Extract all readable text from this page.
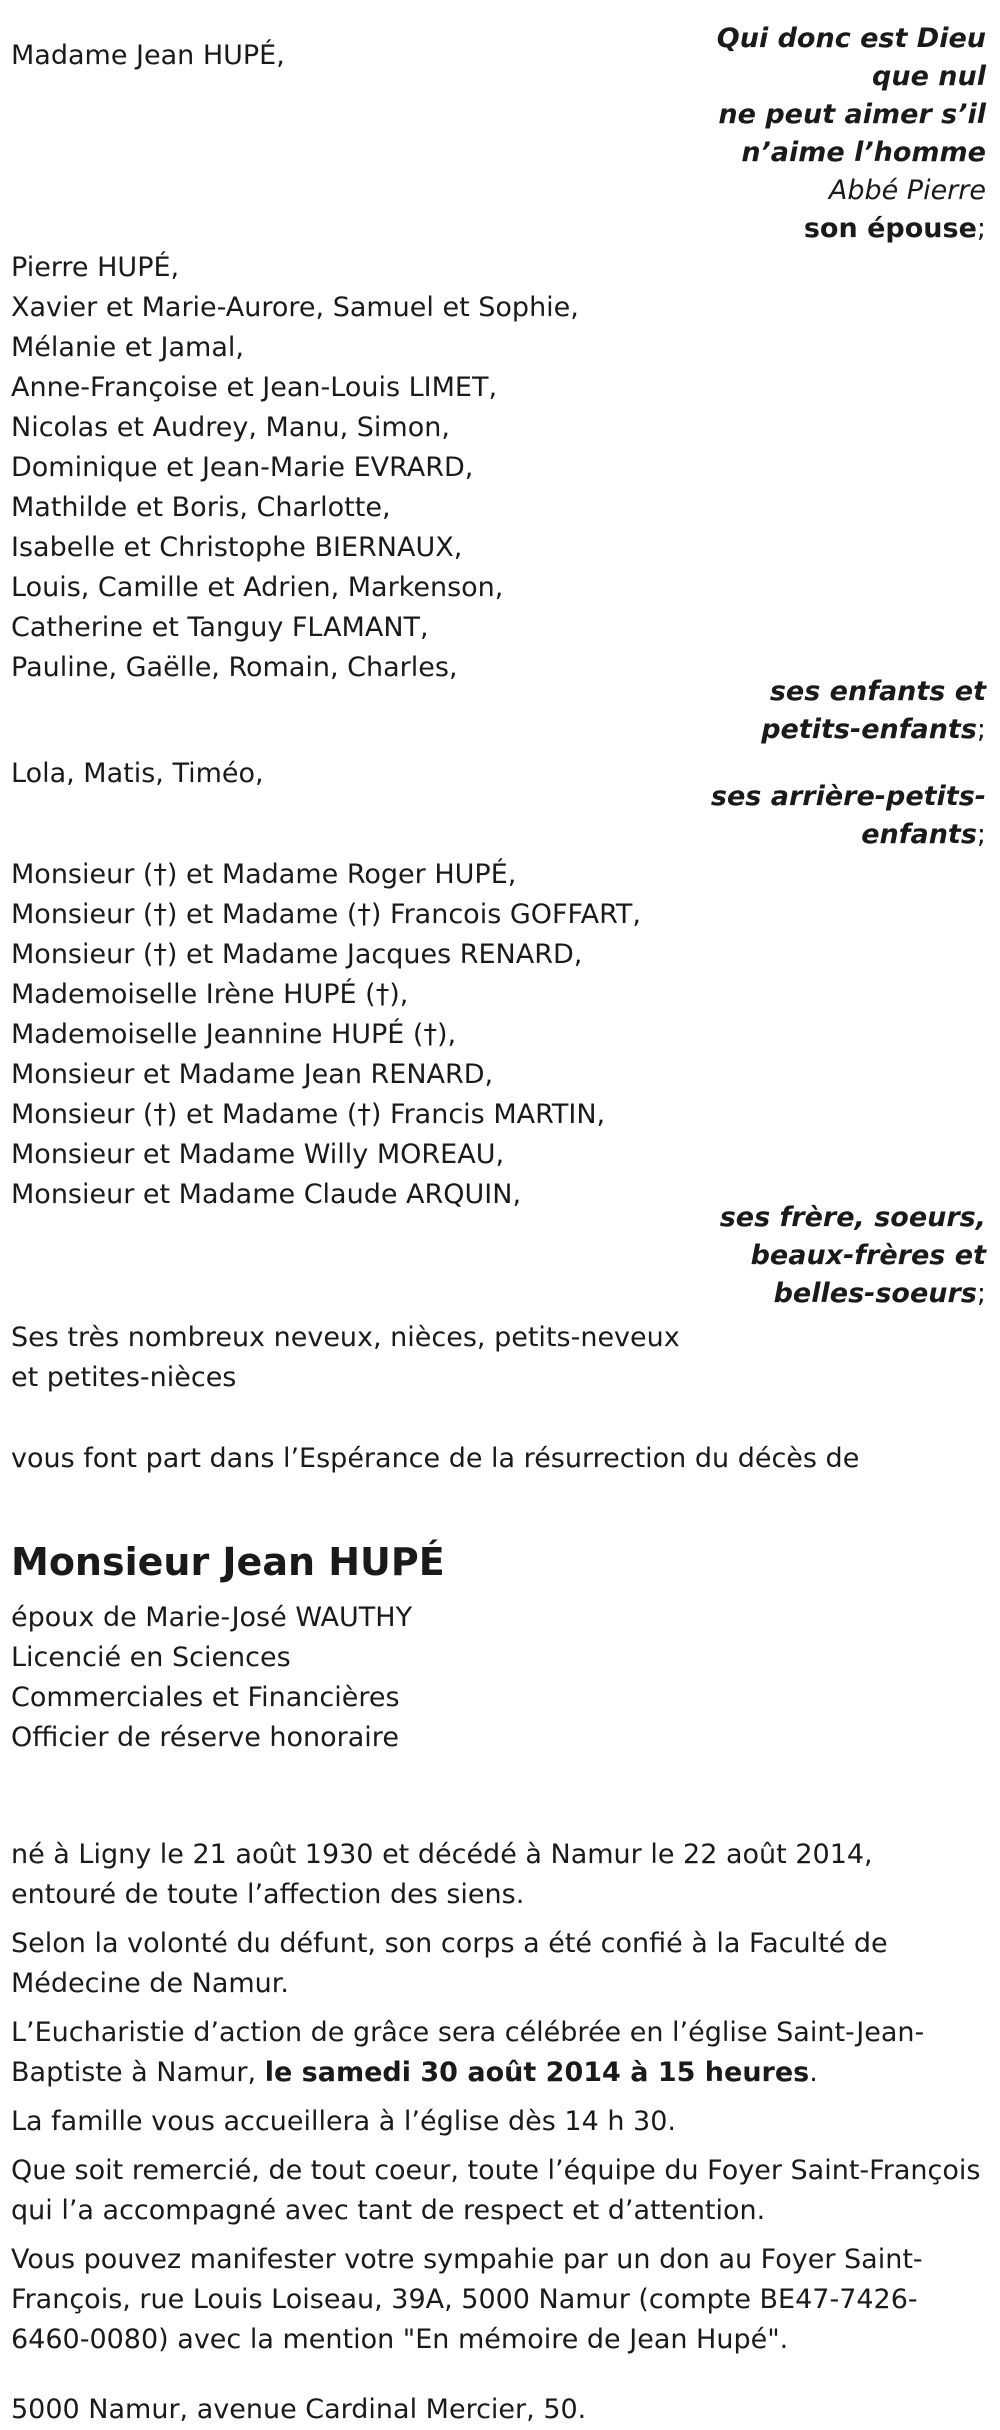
Madame Jean HUPÉ,

Qui donc est Dieu

que nul

ne peut aimer s’il

n’aime l’homme

Abbé Pierre

son épouse;

Pierre HUPÉ,

Xavier et Marie-Aurore, Samuel et Sophie,

Mélanie et Jamal,

Anne-Françoise et Jean-Louis LIMET,

Nicolas et Audrey, Manu, Simon,

Dominique et Jean-Marie EVRARD,

Mathilde et Boris, Charlotte,

Isabelle et Christophe BIERNAUX,

Louis, Camille et Adrien, Markenson,

Catherine et Tanguy FLAMANT,

Pauline, Gaëlle, Romain, Charles,

ses enfants et

petits-enfants;

Lola, Matis, Timéo,

ses arrière-petits-

enfants;

Monsieur (†) et Madame Roger HUPÉ,

Monsieur (†) et Madame (†) Francois GOFFART,

Monsieur (†) et Madame Jacques RENARD,

Mademoiselle Irène HUPÉ (†),

Mademoiselle Jeannine HUPÉ (†),

Monsieur et Madame Jean RENARD,

Monsieur (†) et Madame (†) Francis MARTIN,

Monsieur et Madame Willy MOREAU,

Monsieur et Madame Claude ARQUIN,

ses frère, soeurs,

beaux-frères et

belles-soeurs;

Ses très nombreux neveux, nièces, petits-neveux

et petites-nièces

vous font part dans l’Espérance de la résurrection du décès de

Monsieur Jean HUPÉ

époux de Marie-José WAUTHY

Licencié en Sciences

Commerciales et Financières

Officier de réserve honoraire

né à Ligny le 21 août 1930 et décédé à Namur le 22 août 2014, entouré de toute l’affection des siens.

Selon la volonté du défunt, son corps a été confié à la Faculté de Médecine de Namur.

L’Eucharistie d’action de grâce sera célébrée en l’église Saint-Jean-Baptiste à Namur, le samedi 30 août 2014 à 15 heures.

La famille vous accueillera à l’église dès 14 h 30.

Que soit remercié, de tout coeur, toute l’équipe du Foyer Saint-François qui l’a accompagné avec tant de respect et d’attention.

Vous pouvez manifester votre sympahie par un don au Foyer Saint-François, rue Louis Loiseau, 39A, 5000 Namur (compte BE47-7426-6460-0080) avec la mention "En mémoire de Jean Hupé".

5000 Namur, avenue Cardinal Mercier, 50.
